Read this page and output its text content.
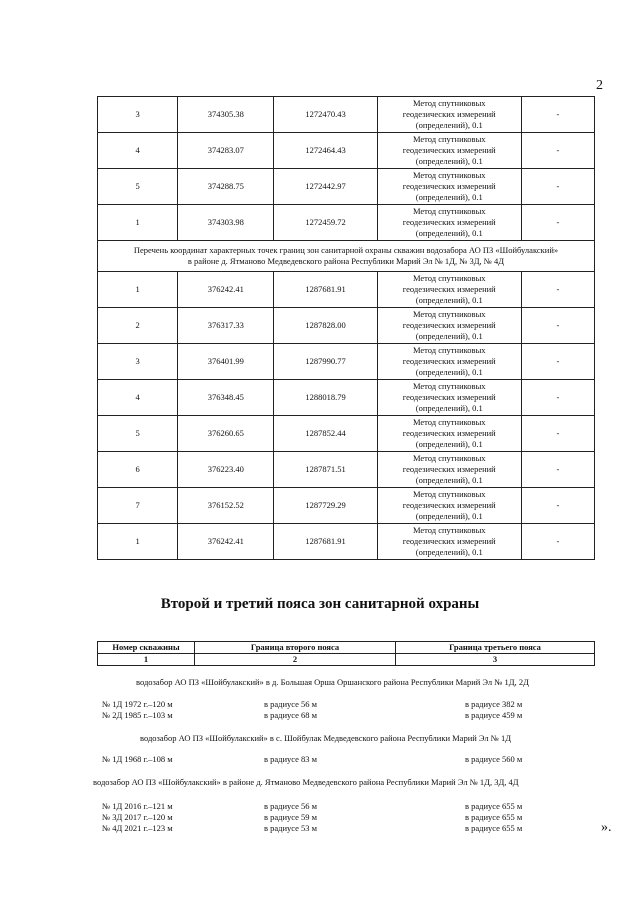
2
3	374305.38	1272470.43	Метод спутниковых
геодезических измерений
(определений), 0.1	-
4	374283.07	1272464.43	Метод спутниковых
геодезических измерений
(определений), 0.1	-
5	374288.75	1272442.97	Метод спутниковых
геодезических измерений
(определений), 0.1	-
1	374303.98	1272459.72	Метод спутниковых
геодезических измерений
(определений), 0.1	-

Перечень координат характерных точек границ зон санитарной охраны скважин водозабора АО ПЗ «Шойбулакский»
в районе д. Ятманово Медведевского района Республики Марий Эл № 1Д, № 3Д, № 4Д				

1	376242.41	1287681.91	Метод спутниковых
геодезических измерений
(определений), 0.1	-
2	376317.33	1287828.00	Метод спутниковых
геодезических измерений
(определений), 0.1	-
3	376401.99	1287990.77	Метод спутниковых
геодезических измерений
(определений), 0.1	-
4	376348.45	1288018.79	Метод спутниковых
геодезических измерений
(определений), 0.1	-
5	376260.65	1287852.44	Метод спутниковых
геодезических измерений
(определений), 0.1	-
6	376223.40	1287871.51	Метод спутниковых
геодезических измерений
(определений), 0.1	-
7	376152.52	1287729.29	Метод спутниковых
геодезических измерений
(определений), 0.1	-
1	376242.41	1287681.91	Метод спутниковых
геодезических измерений
(определений), 0.1	-
Второй и третий пояса зон санитарной охраны
Номер скважины	Граница второго пояса	Граница третьего пояса
1	2	3
водозабор АО ПЗ «Шойбулакский» в д. Большая Орша Оршанского района Республики Марий Эл № 1Д, 2Д
№ 1Д 1972 г.–120 м	в радиусе 56 м	в радиусе 382 м
№ 2Д 1985 г.–103 м	в радиусе 68 м	в радиусе 459 м
водозабор АО ПЗ «Шойбулакский» в с. Шойбулак Медведевского района Республики Марий Эл № 1Д
№ 1Д 1968 г.–108 м	в радиусе 83 м	в радиусе 560 м
водозабор АО ПЗ «Шойбулакский» в районе д. Ятманово Медведевского района Республики Марий Эл № 1Д, 3Д, 4Д
№ 1Д 2016 г.–121 м	в радиусе 56 м	в радиусе 655 м
№ 3Д 2017 г.–120 м	в радиусе 59 м	в радиусе 655 м
№ 4Д 2021 г.–123 м	в радиусе 53 м	в радиусе 655 м	».
